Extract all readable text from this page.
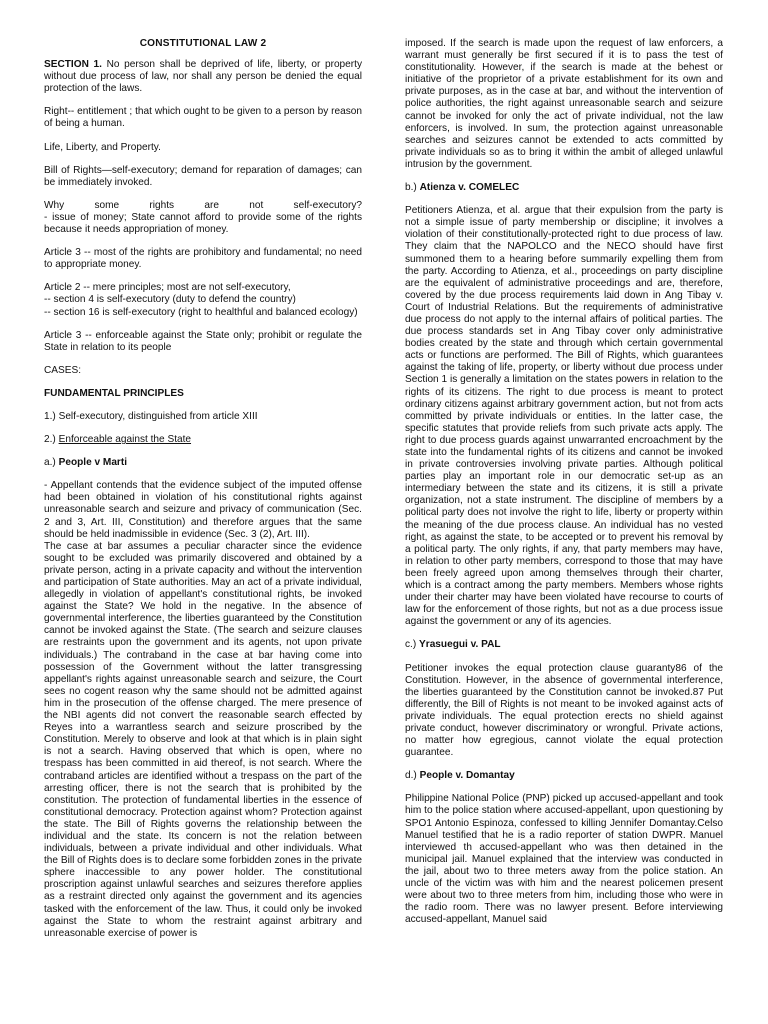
CONSTITUTIONAL LAW 2

SECTION 1. No person shall be deprived of life, liberty, or property without due process of law, nor shall any person be denied the equal protection of the laws.

Right-- entitlement ; that which ought to be given to a person by reason of being a human.

Life, Liberty, and Property.

Bill of Rights—self-executory; demand for reparation of damages; can be immediately invoked.

Why some rights are not self-executory?
- issue of money; State cannot afford to provide some of the rights because it needs appropriation of money.

Article 3 -- most of the rights are prohibitory and fundamental; no need to appropriate money.

Article 2 -- mere principles; most are not self-executory,
-- section 4 is self-executory (duty to defend the country)
-- section 16 is self-executory (right to healthful and balanced ecology)

Article 3 -- enforceable against the State only; prohibit or regulate the State in relation to its people

CASES:

FUNDAMENTAL PRINCIPLES

1.) Self-executory, distinguished from article XIII

2.) Enforceable against the State

a.) People v Marti

- Appellant contends that the evidence subject of the imputed offense had been obtained in violation of his constitutional rights against unreasonable search and seizure and privacy of communication (Sec. 2 and 3, Art. III, Constitution) and therefore argues that the same should be held inadmissible in evidence (Sec. 3 (2), Art. III).

The case at bar assumes a peculiar character since the evidence sought to be excluded was primarily discovered and obtained by a private person, acting in a private capacity and without the intervention and participation of State authorities. May an act of a private individual, allegedly in violation of appellant's constitutional rights, be invoked against the State? We hold in the negative. In the absence of governmental interference, the liberties guaranteed by the Constitution cannot be invoked against the State. (The search and seizure clauses are restraints upon the government and its agents, not upon private individuals.) The contraband in the case at bar having come into possession of the Government without the latter transgressing appellant's rights against unreasonable search and seizure, the Court sees no cogent reason why the same should not be admitted against him in the prosecution of the offense charged. The mere presence of the NBI agents did not convert the reasonable search effected by Reyes into a warrantless search and seizure proscribed by the Constitution. Merely to observe and look at that which is in plain sight is not a search. Having observed that which is open, where no trespass has been committed in aid thereof, is not search. Where the contraband articles are identified without a trespass on the part of the arresting officer, there is not the search that is prohibited by the constitution. The protection of fundamental liberties in the essence of constitutional democracy. Protection against whom? Protection against the state. The Bill of Rights governs the relationship between the individual and the state. Its concern is not the relation between individuals, between a private individual and other individuals. What the Bill of Rights does is to declare some forbidden zones in the private sphere inaccessible to any power holder. The constitutional proscription against unlawful searches and seizures therefore applies as a restraint directed only against the government and its agencies tasked with the enforcement of the law. Thus, it could only be invoked against the State to whom the restraint against arbitrary and unreasonable exercise of power is

imposed. If the search is made upon the request of law enforcers, a warrant must generally be first secured if it is to pass the test of constitutionality. However, if the search is made at the behest or initiative of the proprietor of a private establishment for its own and private purposes, as in the case at bar, and without the intervention of police authorities, the right against unreasonable search and seizure cannot be invoked for only the act of private individual, not the law enforcers, is involved. In sum, the protection against unreasonable searches and seizures cannot be extended to acts committed by private individuals so as to bring it within the ambit of alleged unlawful intrusion by the government.

b.) Atienza v. COMELEC

Petitioners Atienza, et al. argue that their expulsion from the party is not a simple issue of party membership or discipline; it involves a violation of their constitutionally-protected right to due process of law. They claim that the NAPOLCO and the NECO should have first summoned them to a hearing before summarily expelling them from the party. According to Atienza, et al., proceedings on party discipline are the equivalent of administrative proceedings and are, therefore, covered by the due process requirements laid down in Ang Tibay v. Court of Industrial Relations. But the requirements of administrative due process do not apply to the internal affairs of political parties. The due process standards set in Ang Tibay cover only administrative bodies created by the state and through which certain governmental acts or functions are performed. The Bill of Rights, which guarantees against the taking of life, property, or liberty without due process under Section 1 is generally a limitation on the states powers in relation to the rights of its citizens. The right to due process is meant to protect ordinary citizens against arbitrary government action, but not from acts committed by private individuals or entities. In the latter case, the specific statutes that provide reliefs from such private acts apply. The right to due process guards against unwarranted encroachment by the state into the fundamental rights of its citizens and cannot be invoked in private controversies involving private parties. Although political parties play an important role in our democratic set-up as an intermediary between the state and its citizens, it is still a private organization, not a state instrument. The discipline of members by a political party does not involve the right to life, liberty or property within the meaning of the due process clause. An individual has no vested right, as against the state, to be accepted or to prevent his removal by a political party. The only rights, if any, that party members may have, in relation to other party members, correspond to those that may have been freely agreed upon among themselves through their charter, which is a contract among the party members. Members whose rights under their charter may have been violated have recourse to courts of law for the enforcement of those rights, but not as a due process issue against the government or any of its agencies.

c.) Yrasuegui v. PAL

Petitioner invokes the equal protection clause guaranty86 of the Constitution. However, in the absence of governmental interference, the liberties guaranteed by the Constitution cannot be invoked.87 Put differently, the Bill of Rights is not meant to be invoked against acts of private individuals. The equal protection erects no shield against private conduct, however discriminatory or wrongful. Private actions, no matter how egregious, cannot violate the equal protection guarantee.

d.) People v. Domantay

Philippine National Police (PNP) picked up accused-appellant and took him to the police station where accused-appellant, upon questioning by SPO1 Antonio Espinoza, confessed to killing Jennifer Domantay.Celso Manuel testified that he is a radio reporter of station DWPR. Manuel interviewed th accused-appellant who was then detained in the municipal jail. Manuel explained that the interview was conducted in the jail, about two to three meters away from the police station. An uncle of the victim was with him and the nearest policemen present were about two to three meters from him, including those who were in the radio room. There was no lawyer present. Before interviewing accused-appellant, Manuel said
